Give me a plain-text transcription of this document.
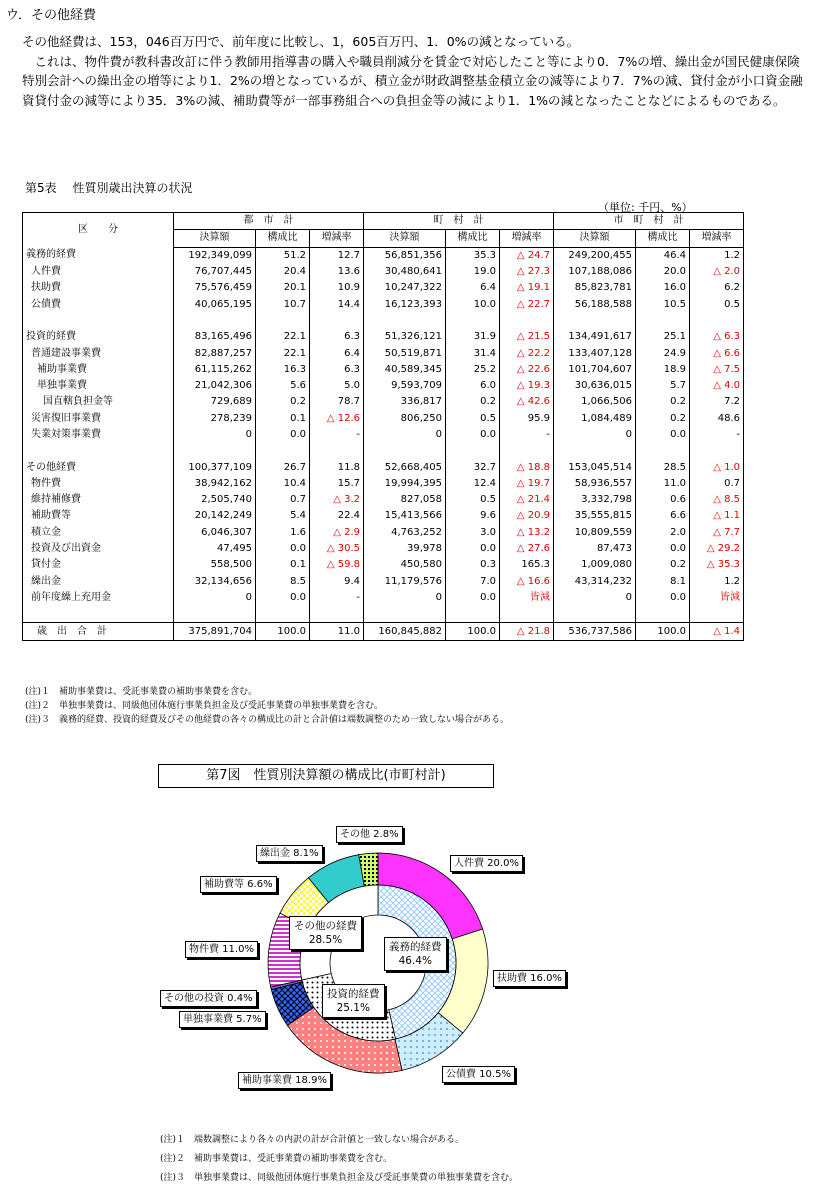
ウ．その他経費
その他経費は、153，046百万円で、前年度に比較し、1，605百万円、1．0%の減となっている。
　これは、物件費が教科書改訂に伴う教師用指導書の購入や職員削減分を賃金で対応したこと等により0．7%の増、繰出金が国民健康保険特別会計への繰出金の増等により1．2%の増となっているが、積立金が財政調整基金積立金の減等により7．7%の減、貸付金が小口資金融資貸付金の減等により35．3%の減、補助費等が一部事務組合への負担金等の減により1．1%の減となったことなどによるものである。
第5表　 性質別歳出決算の状況
（単位: 千円、%）
区　　分	都　市　計			町　村　計			市　町　村　計		
	決算額	構成比	増減率	決算額	構成比	増減率	決算額	構成比	増減率
義務的経費	192,349,099	51.2	12.7	56,851,356	35.3	△ 24.7	249,200,455	46.4	1.2
人件費	76,707,445	20.4	13.6	30,480,641	19.0	△ 27.3	107,188,086	20.0	△ 2.0
扶助費	75,576,459	20.1	10.9	10,247,322	6.4	△ 19.1	85,823,781	16.0	6.2
公債費	40,065,195	10.7	14.4	16,123,393	10.0	△ 22.7	56,188,588	10.5	0.5

投資的経費	83,165,496	22.1	6.3	51,326,121	31.9	△ 21.5	134,491,617	25.1	△ 6.3
普通建設事業費	82,887,257	22.1	6.4	50,519,871	31.4	△ 22.2	133,407,128	24.9	△ 6.6
補助事業費	61,115,262	16.3	6.3	40,589,345	25.2	△ 22.6	101,704,607	18.9	△ 7.5
単独事業費	21,042,306	5.6	5.0	9,593,709	6.0	△ 19.3	30,636,015	5.7	△ 4.0
国直轄負担金等	729,689	0.2	78.7	336,817	0.2	△ 42.6	1,066,506	0.2	7.2
災害復旧事業費	278,239	0.1	△ 12.6	806,250	0.5	95.9	1,084,489	0.2	48.6
失業対策事業費	0	0.0	-	0	0.0	-	0	0.0	-

その他経費	100,377,109	26.7	11.8	52,668,405	32.7	△ 18.8	153,045,514	28.5	△ 1.0
物件費	38,942,162	10.4	15.7	19,994,395	12.4	△ 19.7	58,936,557	11.0	0.7
維持補修費	2,505,740	0.7	△ 3.2	827,058	0.5	△ 21.4	3,332,798	0.6	△ 8.5
補助費等	20,142,249	5.4	22.4	15,413,566	9.6	△ 20.9	35,555,815	6.6	△ 1.1
積立金	6,046,307	1.6	△ 2.9	4,763,252	3.0	△ 13.2	10,809,559	2.0	△ 7.7
投資及び出資金	47,495	0.0	△ 30.5	39,978	0.0	△ 27.6	87,473	0.0	△ 29.2
貸付金	558,500	0.1	△ 59.8	450,580	0.3	165.3	1,009,080	0.2	△ 35.3
繰出金	32,134,656	8.5	9.4	11,179,576	7.0	△ 16.6	43,314,232	8.1	1.2
前年度繰上充用金	0	0.0	-	0	0.0	皆減	0	0.0	皆減

歳　出　合　計	375,891,704	100.0	11.0	160,845,882	100.0	△ 21.8	536,737,586	100.0	△ 1.4
(注)１　補助事業費は、受託事業費の補助事業費を含む。
(注)２　単独事業費は、同級他団体施行事業負担金及び受託事業費の単独事業費を含む。
(注)３　義務的経費、投資的経費及びその他経費の各々の構成比の計と合計値は端数調整のため一致しない場合がある。
第7図　性質別決算額の構成比(市町村計)
人件費 20.0%
扶助費 16.0%
公債費 10.5%
補助事業費 18.9%
単独事業費 5.7%
その他の投資 0.4%
物件費 11.0%
補助費等 6.6%
繰出金 8.1%
その他 2.8%
義務的経費
46.4%
投資的経費
25.1%
その他の経費
28.5%
(注)１　端数調整により各々の内訳の計が合計値と一致しない場合がある。
(注)２　補助事業費は、受託事業費の補助事業費を含む。
(注)３　単独事業費は、同級他団体施行事業負担金及び受託事業費の単独事業費を含む。
